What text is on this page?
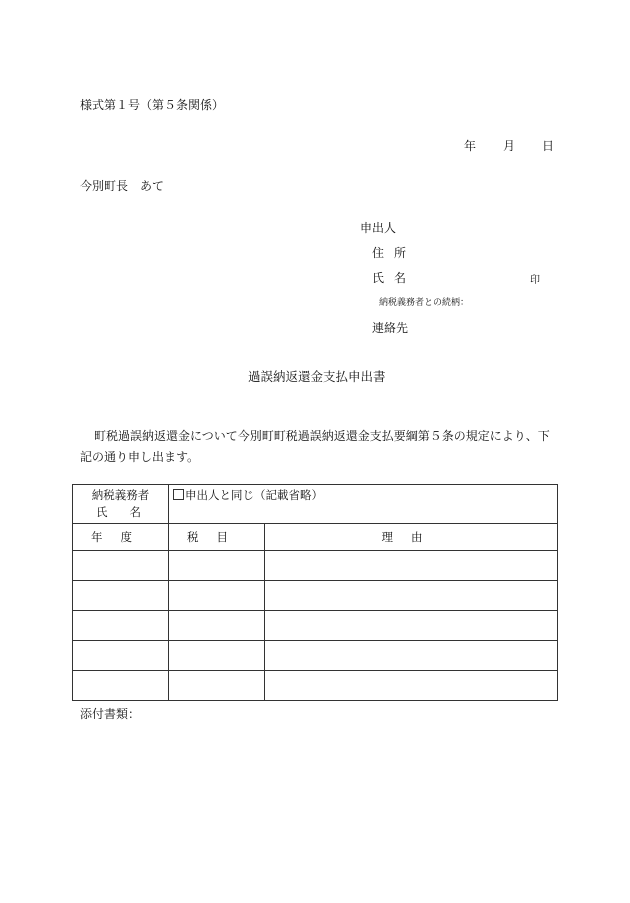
様式第１号（第５条関係）
年 月 日
今別町長　あて
申出人
住所
氏名	印
納税義務者との続柄：
連絡先
過誤納返還金支払申出書
町税過誤納返還金について今別町町税過誤納返還金支払要綱第５条の規定により、下
記の通り申し出ます。
納税義務者
氏名	申出人と同じ（記載省略）	
年度	税目	理由

添付書類：
